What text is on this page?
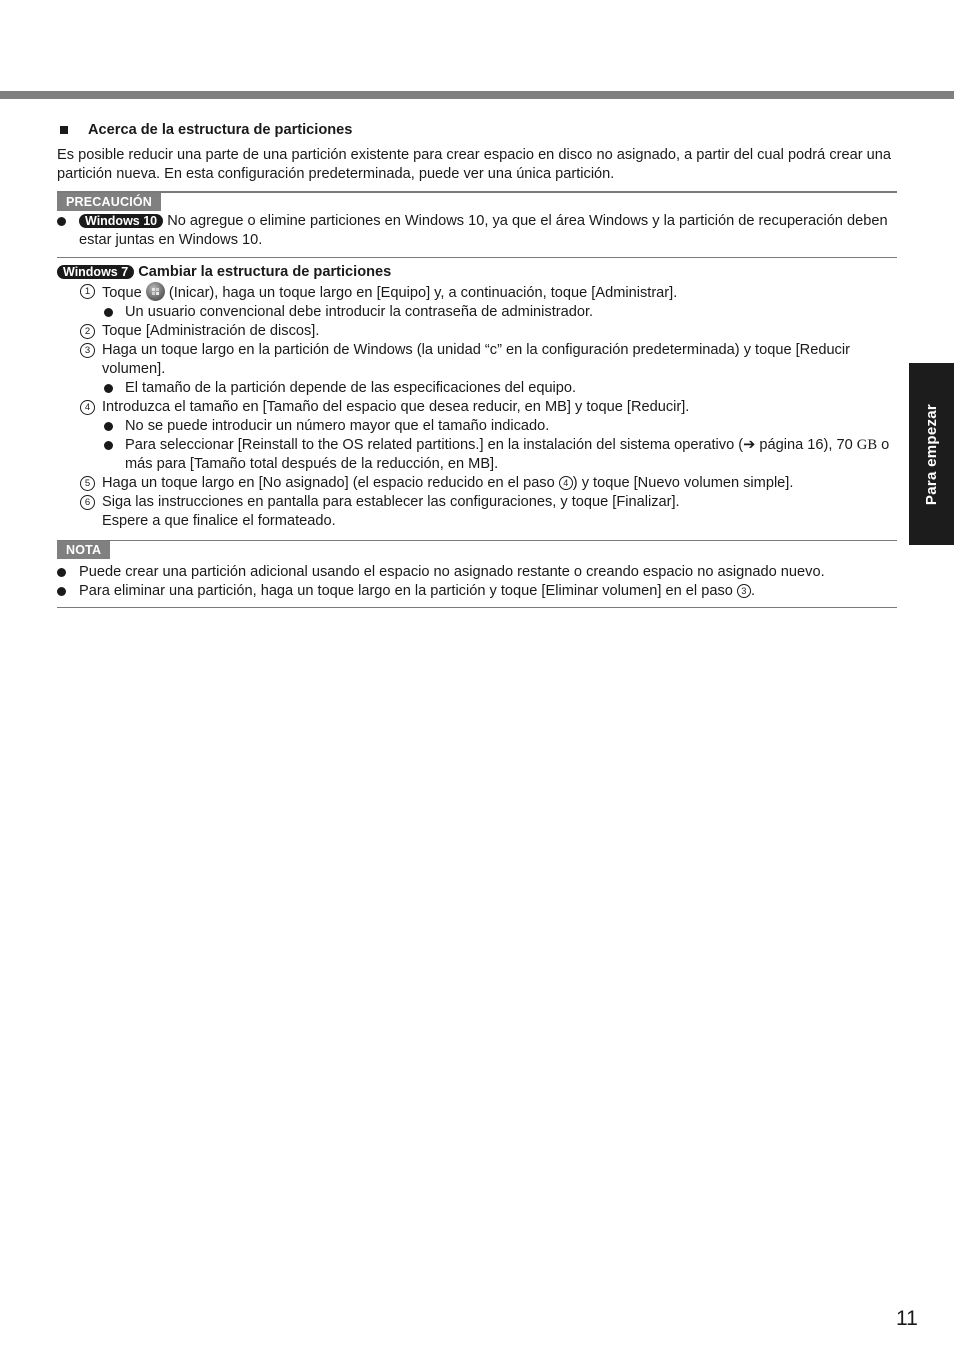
Para empezar
Acerca de la estructura de particiones

Es posible reducir una parte de una partición existente para crear espacio en disco no asignado, a partir del cual podrá crear una partición nueva. En esta configuración predeterminada, puede ver una única partición.

PRECAUCIÓN
Windows 10 No agregue o elimine particiones en Windows 10, ya que el área Windows y la partición de recuperación deben estar juntas en Windows 10.
Windows 7 Cambiar la estructura de particiones
1 Toque (Inicar), haga un toque largo en [Equipo] y, a continuación, toque [Administrar].
Un usuario convencional debe introducir la contraseña de administrador.
2 Toque [Administración de discos].
3 Haga un toque largo en la partición de Windows (la unidad “c” en la configuración predeterminada) y toque [Reducir volumen].
El tamaño de la partición depende de las especificaciones del equipo.
4 Introduzca el tamaño en [Tamaño del espacio que desea reducir, en MB] y toque [Reducir].
No se puede introducir un número mayor que el tamaño indicado.
Para seleccionar [Reinstall to the OS related partitions.] en la instalación del sistema operativo (➔ página 16), 70 GB o más para [Tamaño total después de la reducción, en MB].
5 Haga un toque largo en [No asignado] (el espacio reducido en el paso 4 ) y toque [Nuevo volumen simple].
6 Siga las instrucciones en pantalla para establecer las configuraciones, y toque [Finalizar].
Espere a que finalice el formateado.
NOTA
Puede crear una partición adicional usando el espacio no asignado restante o creando espacio no asignado nuevo.
Para eliminar una partición, haga un toque largo en la partición y toque [Eliminar volumen] en el paso 3 .
11
